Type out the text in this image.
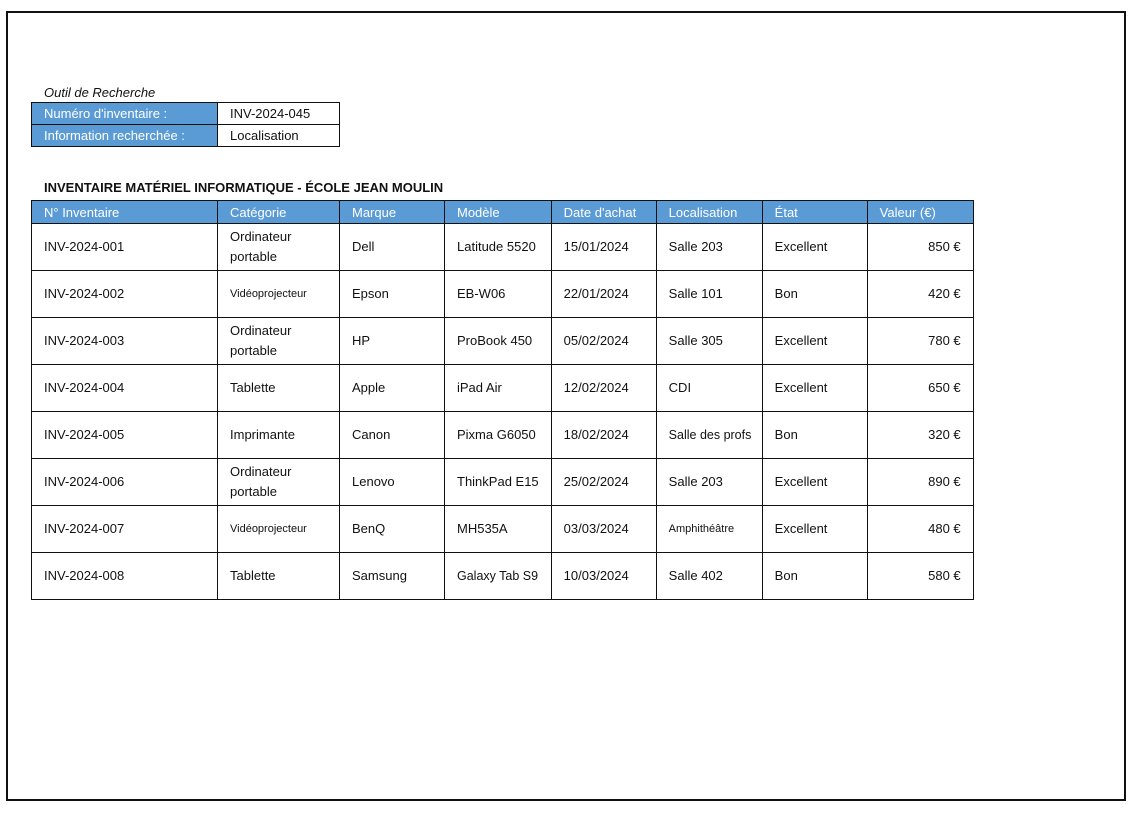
Outil de Recherche
Numéro d'inventaire :	INV-2024-045
Information recherchée :	Localisation
INVENTAIRE MATÉRIEL INFORMATIQUE - ÉCOLE JEAN MOULIN
N° Inventaire	Catégorie	Marque	Modèle	Date d'achat	Localisation	État	Valeur (€)
INV-2024-001	Ordinateur portable	Dell	Latitude 5520	15/01/2024	Salle 203	Excellent	850 €
INV-2024-002	Vidéoprojecteur	Epson	EB-W06	22/01/2024	Salle 101	Bon	420 €
INV-2024-003	Ordinateur portable	HP	ProBook 450	05/02/2024	Salle 305	Excellent	780 €
INV-2024-004	Tablette	Apple	iPad Air	12/02/2024	CDI	Excellent	650 €
INV-2024-005	Imprimante	Canon	Pixma G6050	18/02/2024	Salle des profs	Bon	320 €
INV-2024-006	Ordinateur portable	Lenovo	ThinkPad E15	25/02/2024	Salle 203	Excellent	890 €
INV-2024-007	Vidéoprojecteur	BenQ	MH535A	03/03/2024	Amphithéâtre	Excellent	480 €
INV-2024-008	Tablette	Samsung	Galaxy Tab S9	10/03/2024	Salle 402	Bon	580 €
